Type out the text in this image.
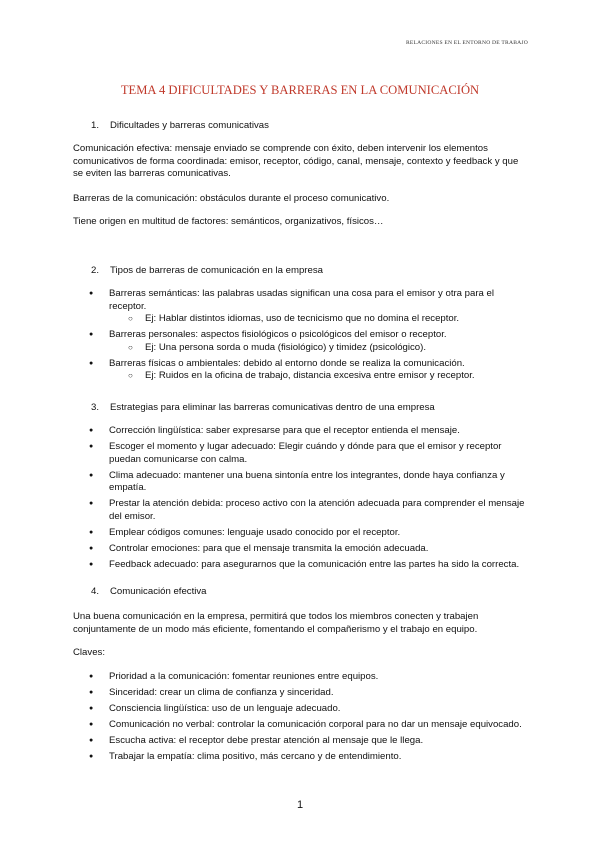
RELACIONES EN EL ENTORNO DE TRABAJO
TEMA 4 DIFICULTADES Y BARRERAS EN LA COMUNICACIÓN

1. Dificultades y barreras comunicativas

Comunicación efectiva: mensaje enviado se comprende con éxito, deben intervenir los elementos comunicativos de forma coordinada: emisor, receptor, código, canal, mensaje, contexto y feedback y que se eviten las barreras comunicativas.

Barreras de la comunicación: obstáculos durante el proceso comunicativo.

Tiene origen en multitud de factores: semánticos, organizativos, físicos…

2. Tipos de barreras de comunicación en la empresa

● Barreras semánticas: las palabras usadas significan una cosa para el emisor y otra para el receptor.
○ Ej: Hablar distintos idiomas, uso de tecnicismo que no domina el receptor.
● Barreras personales: aspectos fisiológicos o psicológicos del emisor o receptor.
○ Ej: Una persona sorda o muda (fisiológico) y timidez (psicológico).
● Barreras físicas o ambientales: debido al entorno donde se realiza la comunicación.
○ Ej: Ruidos en la oficina de trabajo, distancia excesiva entre emisor y receptor.

3. Estrategias para eliminar las barreras comunicativas dentro de una empresa

● Corrección lingüística: saber expresarse para que el receptor entienda el mensaje.
● Escoger el momento y lugar adecuado: Elegir cuándo y dónde para que el emisor y receptor puedan comunicarse con calma.
● Clima adecuado: mantener una buena sintonía entre los integrantes, donde haya confianza y empatía.
● Prestar la atención debida: proceso activo con la atención adecuada para comprender el mensaje del emisor.
● Emplear códigos comunes: lenguaje usado conocido por el receptor.
● Controlar emociones: para que el mensaje transmita la emoción adecuada.
● Feedback adecuado: para asegurarnos que la comunicación entre las partes ha sido la correcta.

4. Comunicación efectiva

Una buena comunicación en la empresa, permitirá que todos los miembros conecten y trabajen conjuntamente de un modo más eficiente, fomentando el compañerismo y el trabajo en equipo.

Claves:

● Prioridad a la comunicación: fomentar reuniones entre equipos.
● Sinceridad: crear un clima de confianza y sinceridad.
● Consciencia lingüística: uso de un lenguaje adecuado.
● Comunicación no verbal: controlar la comunicación corporal para no dar un mensaje equivocado.
● Escucha activa: el receptor debe prestar atención al mensaje que le llega.
● Trabajar la empatía: clima positivo, más cercano y de entendimiento.
1
